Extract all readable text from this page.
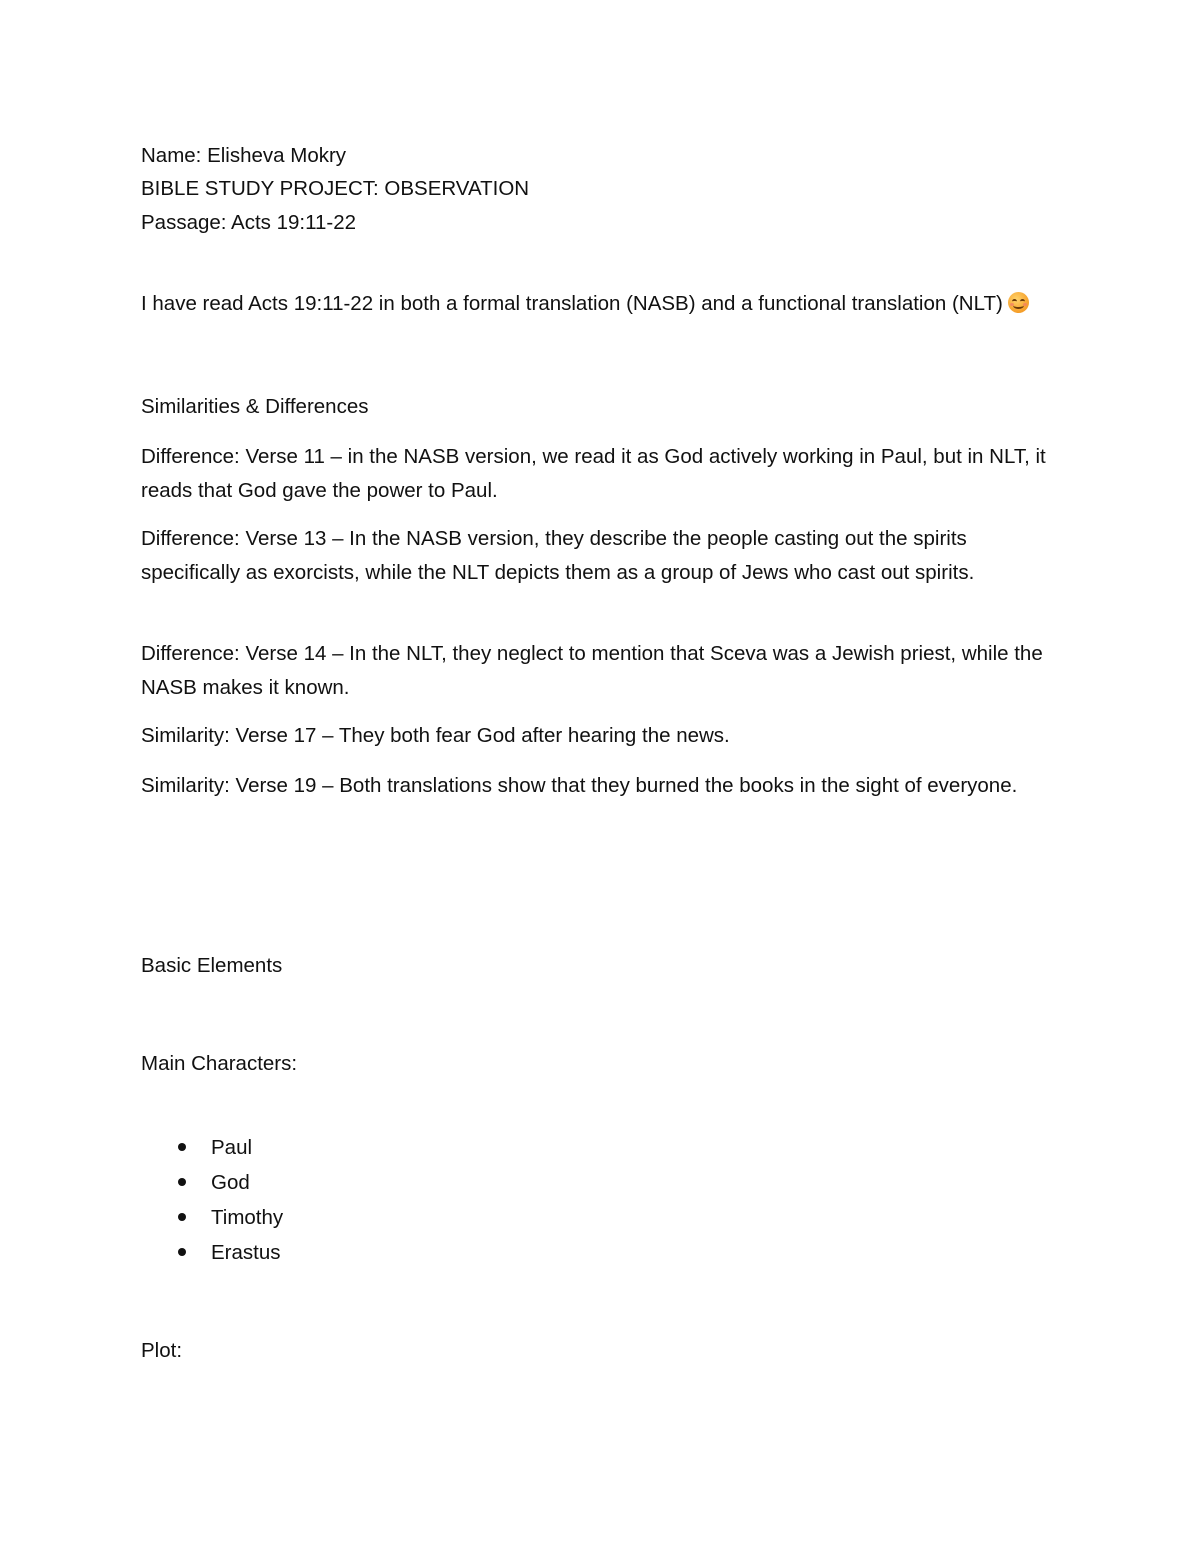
Name: Elisheva Mokry

BIBLE STUDY PROJECT: OBSERVATION

Passage: Acts 19:11-22

I have read Acts 19:11-22 in both a formal translation (NASB) and a functional translation (NLT)

Similarities & Differences

Difference: Verse 11 – in the NASB version, we read it as God actively working in Paul, but in NLT, it reads that God gave the power to Paul.

Difference: Verse 13 – In the NASB version, they describe the people casting out the spirits specifically as exorcists, while the NLT depicts them as a group of Jews who cast out spirits.

Difference: Verse 14 – In the NLT, they neglect to mention that Sceva was a Jewish priest, while the NASB makes it known.

Similarity: Verse 17 – They both fear God after hearing the news.

Similarity: Verse 19 – Both translations show that they burned the books in the sight of everyone.

Basic Elements

Main Characters:

Paul
God
Timothy
Erastus

Plot:
